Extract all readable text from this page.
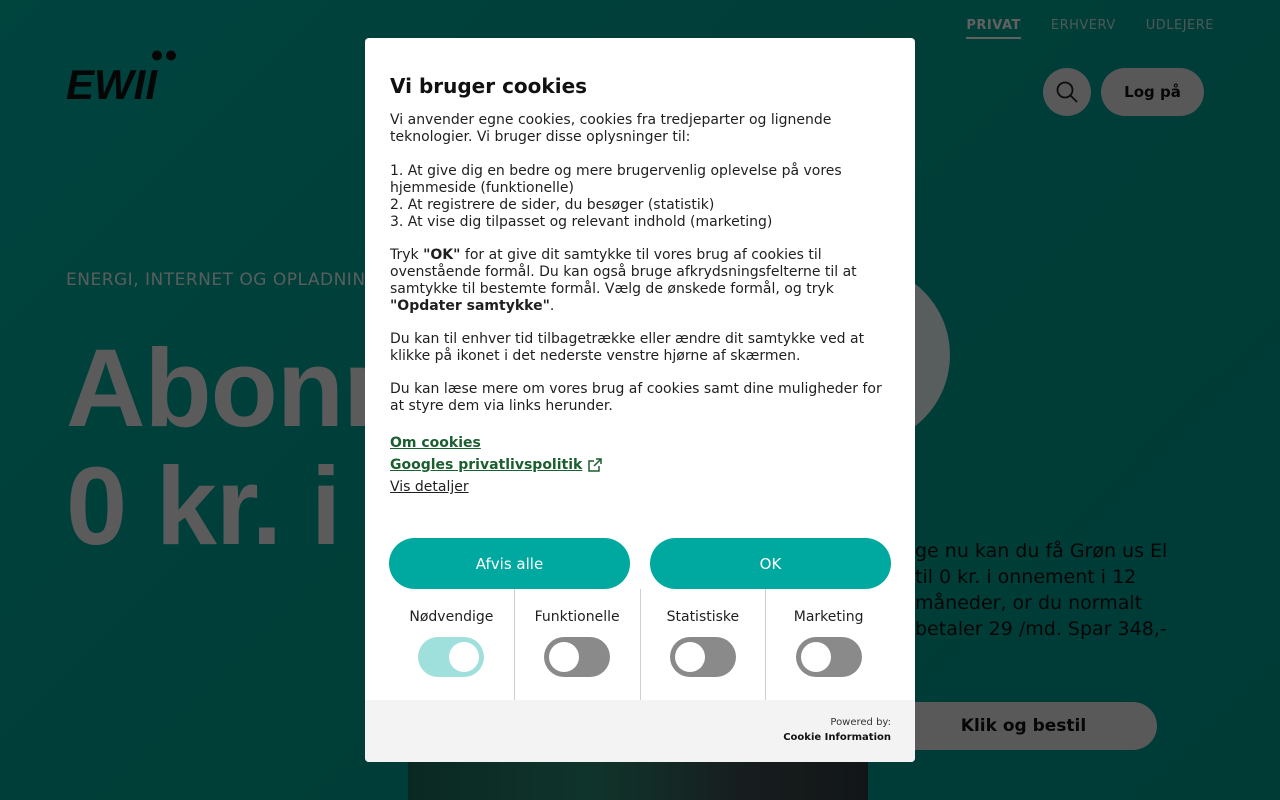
Vi bruger cookies

Vi anvender egne cookies, cookies fra tredjeparter og lignende teknologier. Vi bruger disse oplysninger til:

1. At give dig en bedre og mere brugervenlig oplevelse på vores hjemmeside (funktionelle)
2. At registrere de sider, du besøger (statistik)
3. At vise dig tilpasset og relevant indhold (marketing)

Tryk "OK" for at give dit samtykke til vores brug af cookies til ovenstående formål. Du kan også bruge afkrydsningsfelterne til at samtykke til bestemte formål. Vælg de ønskede formål, og tryk "Opdater samtykke".

Du kan til enhver tid tilbagetrække eller ændre dit samtykke ved at klikke på ikonet i det nederste venstre hjørne af skærmen.

Du kan læse mere om vores brug af cookies samt dine muligheder for at styre dem via links herunder.

Om cookies
Googles privatlivspolitik
Vis detaljer
Afvis alle	OK
Nødvendige	Funktionelle	Statistiske	Marketing
Powered by:
Cookie Information
